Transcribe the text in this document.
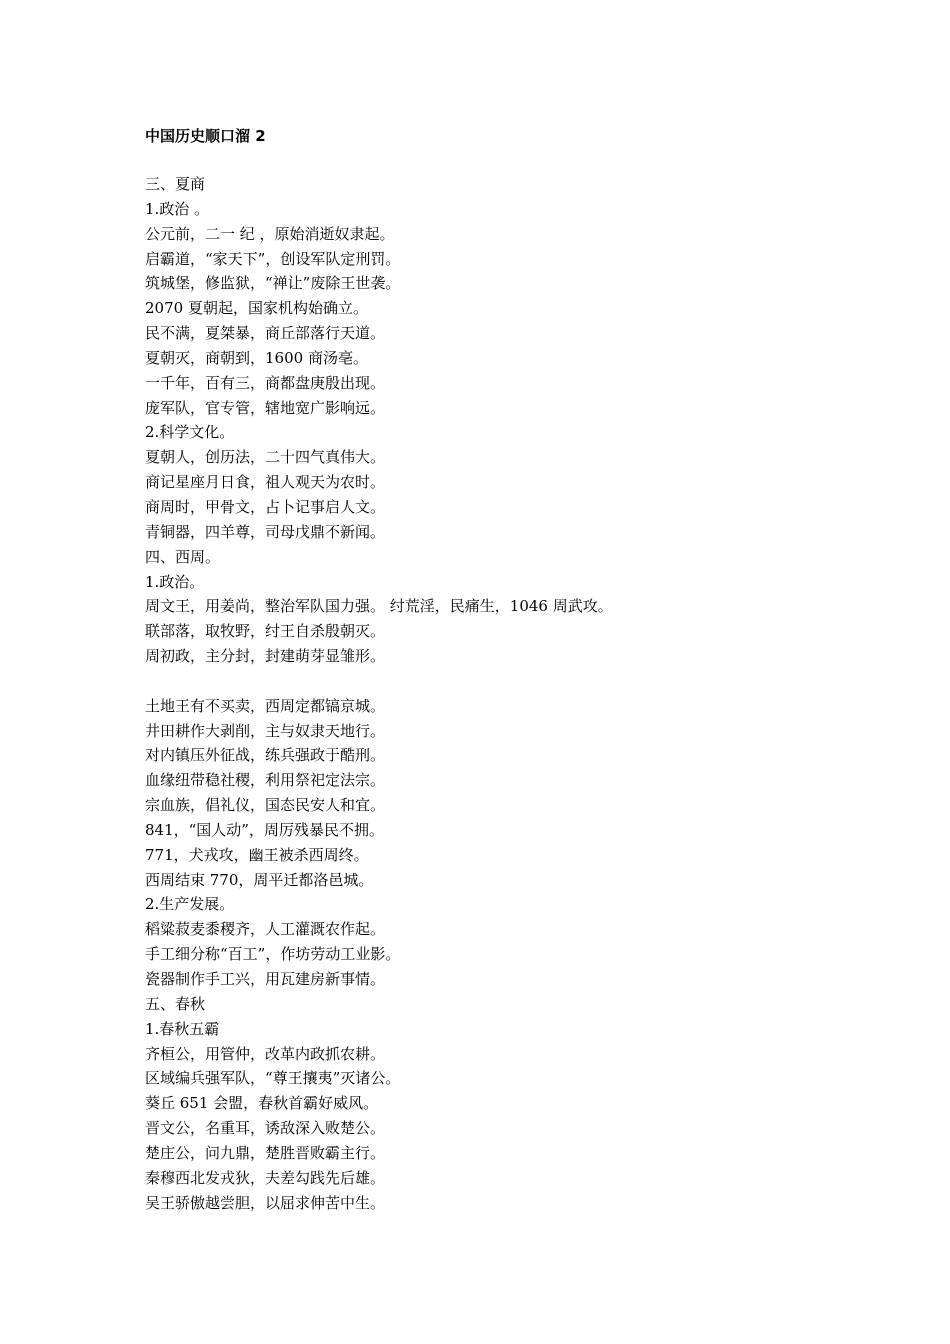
中国历史顺口溜 2
三、夏商
1.政治 。
公元前，二一 纪 ，原始消逝奴隶起。
启霸道，“家天下”，创设军队定刑罚。
筑城堡，修监狱，“禅让”废除王世袭。
2070 夏朝起，国家机构始确立。
民不满，夏桀暴，商丘部落行天道。
夏朝灭，商朝到，1600 商汤亳。
一千年，百有三，商都盘庚殷出现。
庞军队，官专管，辖地宽广影响远。
2.科学文化。
夏朝人，创历法，二十四气真伟大。
商记星座月日食，祖人观天为农时。
商周时，甲骨文，占卜记事启人文。
青铜器，四羊尊，司母戊鼎不新闻。
四、西周。
1.政治。
周文王，用姜尚，整治军队国力强。 纣荒淫，民痛生，1046 周武攻。
联部落，取牧野，纣王自杀殷朝灭。
周初政，主分封，封建萌芽显雏形。
土地王有不买卖，西周定都镐京城。
井田耕作大剥削，主与奴隶天地行。
对内镇压外征战，练兵强政于酷刑。
血缘纽带稳社稷，利用祭祀定法宗。
宗血族，倡礼仪，国态民安人和宜。
841，“国人动”，周厉残暴民不拥。
771，犬戎攻，幽王被杀西周终。
西周结束 770，周平迁都洛邑城。
2.生产发展。
稻粱菽麦黍稷齐，人工灌溉农作起。
手工细分称“百工”，作坊劳动工业影。
瓷器制作手工兴，用瓦建房新事情。
五、春秋
1.春秋五霸
齐桓公，用管仲，改革内政抓农耕。
区域编兵强军队，“尊王攘夷”灭诸公。
葵丘 651 会盟，春秋首霸好威风。
晋文公，名重耳，诱敌深入败楚公。
楚庄公，问九鼎，楚胜晋败霸主行。
秦穆西北发戎狄，夫差勾践先后雄。
吴王骄傲越尝胆，以屈求伸苦中生。
